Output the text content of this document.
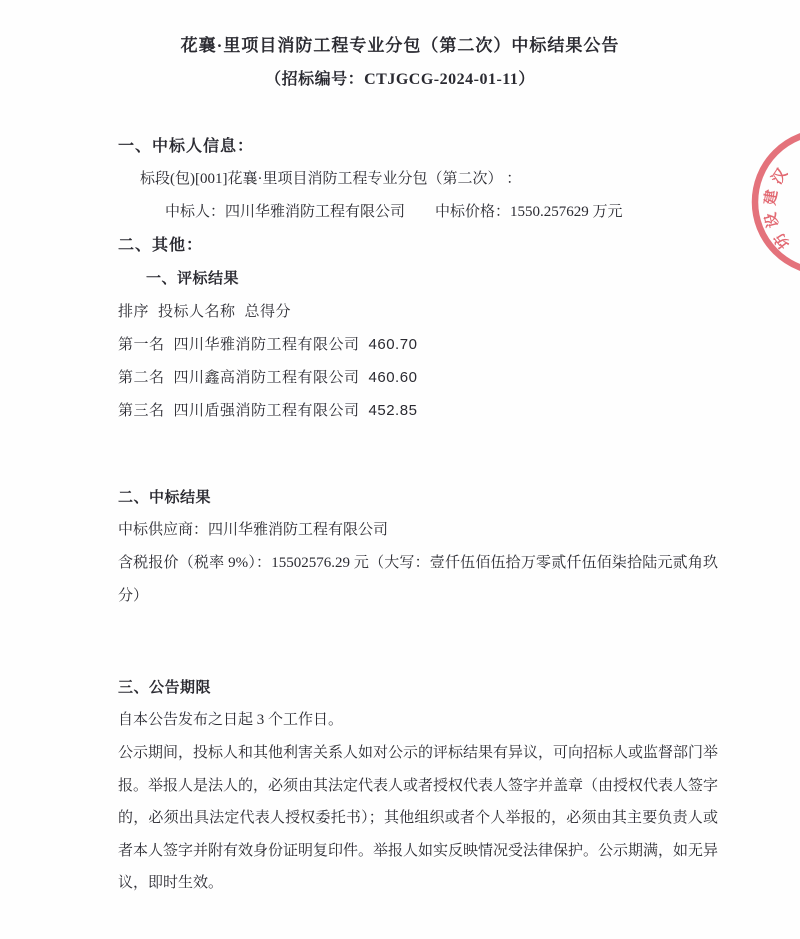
花襄·里项目消防工程专业分包（第二次）中标结果公告
（招标编号：CTJGCG-2024-01-11）
一、中标人信息：
标段(包)[001]花襄·里项目消防工程专业分包（第二次） ：
中标人：四川华雅消防工程有限公司 中标价格：1550.257629 万元
二、其他：
一、评标结果
排序 投标人名称 总得分
第一名 四川华雅消防工程有限公司 460.70
第二名 四川鑫高消防工程有限公司 460.60
第三名 四川盾强消防工程有限公司 452.85
二、中标结果
中标供应商：四川华雅消防工程有限公司
含税报价（税率 9%）：15502576.29 元（大写：壹仟伍佰伍拾万零贰仟伍佰柒拾陆元贰角玖分）
三、公告期限
自本公告发布之日起 3 个工作日。
公示期间，投标人和其他利害关系人如对公示的评标结果有异议，可向招标人或监督部门举报。举报人是法人的，必须由其法定代表人或者授权代表人签字并盖章（由授权代表人签字的，必须出具法定代表人授权委托书）；其他组织或者个人举报的，必须由其主要负责人或者本人签字并附有效身份证明复印件。举报人如实反映情况受法律保护。公示期满，如无异议，即时生效。
汉
建
设
坊
